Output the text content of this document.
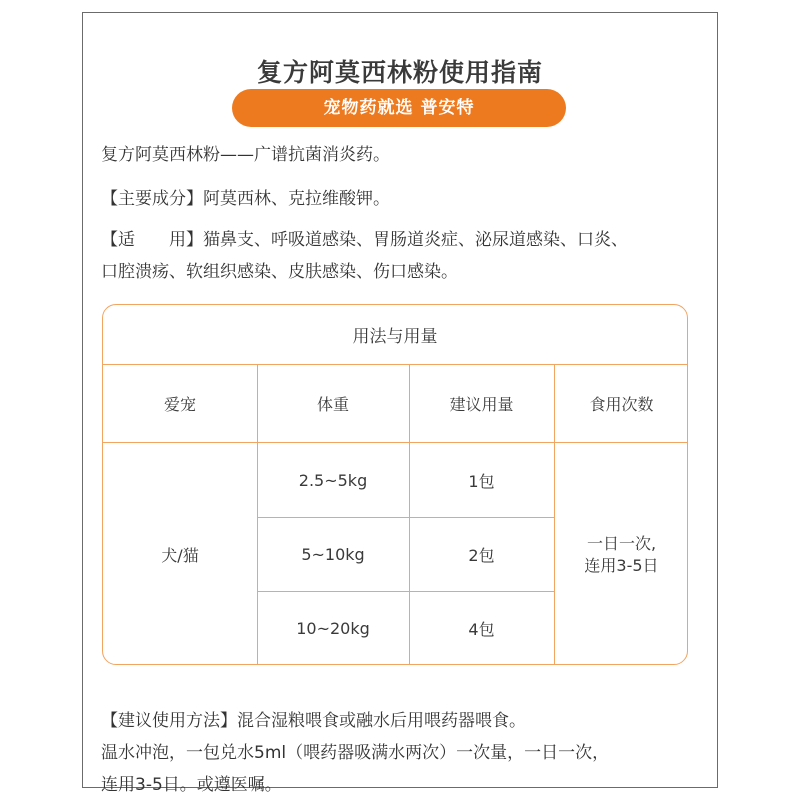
复方阿莫西林粉使用指南
宠物药就选 普安特
复方阿莫西林粉——广谱抗菌消炎药。
【主要成分】阿莫西林、克拉维酸钾。
【适　　用】猫鼻支、呼吸道感染、胃肠道炎症、泌尿道感染、口炎、
口腔溃疡、软组织感染、皮肤感染、伤口感染。
用法与用量
爱宠	体重	建议用量	食用次数
犬/猫
2.5~5kg	1包
5~10kg	2包
10~20kg	4包
一日一次,
连用3-5日
【建议使用方法】混合湿粮喂食或融水后用喂药器喂食。
温水冲泡，一包兑水5ml（喂药器吸满水两次）一次量，一日一次，
连用3-5日。或遵医嘱。
